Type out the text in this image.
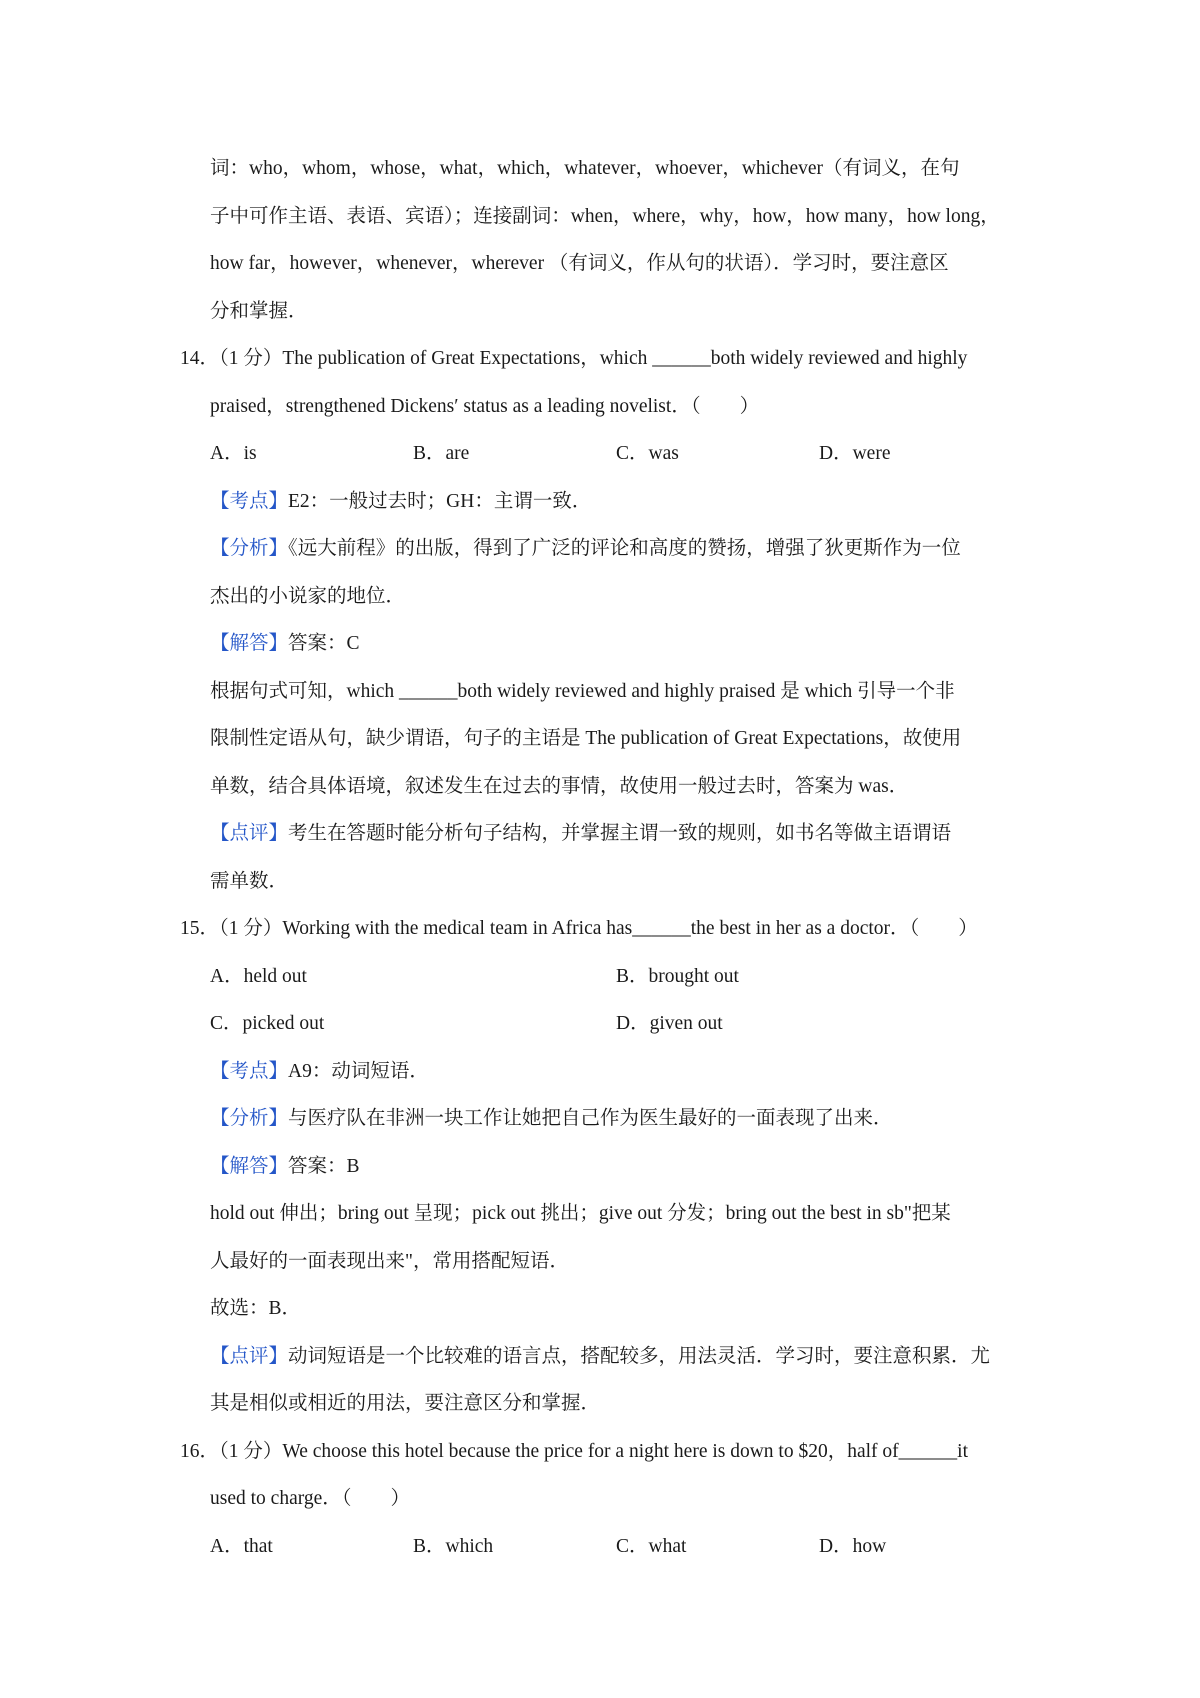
词：who，whom，whose，what，which，whatever，whoever，whichever（有词义，在句
子中可作主语、表语、宾语）；连接副词：when，where，why，how，how many，how long，
how far，however，whenever，wherever （有词义，作从句的状语）．学习时，要注意区
分和掌握．
14．（1 分）The publication of Great Expectations，which ______both widely reviewed and highly
praised，strengthened Dickens′ status as a leading novelist．（　　）
A．is	B．are	C．was	D．were
【考点】E2：一般过去时；GH：主谓一致．
【分析】《远大前程》的出版，得到了广泛的评论和高度的赞扬，增强了狄更斯作为一位
杰出的小说家的地位．
【解答】答案：C
根据句式可知，which ______both widely reviewed and highly praised 是 which 引导一个非
限制性定语从句，缺少谓语，句子的主语是 The publication of Great Expectations，故使用
单数，结合具体语境，叙述发生在过去的事情，故使用一般过去时，答案为 was．
【点评】考生在答题时能分析句子结构，并掌握主谓一致的规则，如书名等做主语谓语
需单数．
15．（1 分）Working with the medical team in Africa has______the best in her as a doctor．（　　）
A．held out	B．brought out
C．picked out	D．given out
【考点】A9：动词短语．
【分析】与医疗队在非洲一块工作让她把自己作为医生最好的一面表现了出来．
【解答】答案：B
hold out 伸出；bring out 呈现；pick out 挑出；give out 分发；bring out the best in sb"把某
人最好的一面表现出来"，常用搭配短语．
故选：B．
【点评】动词短语是一个比较难的语言点，搭配较多，用法灵活．学习时，要注意积累．尤
其是相似或相近的用法，要注意区分和掌握．
16．（1 分）We choose this hotel because the price for a night here is down to $20，half of______it
used to charge．（　　）
A．that	B．which	C．what	D．how
